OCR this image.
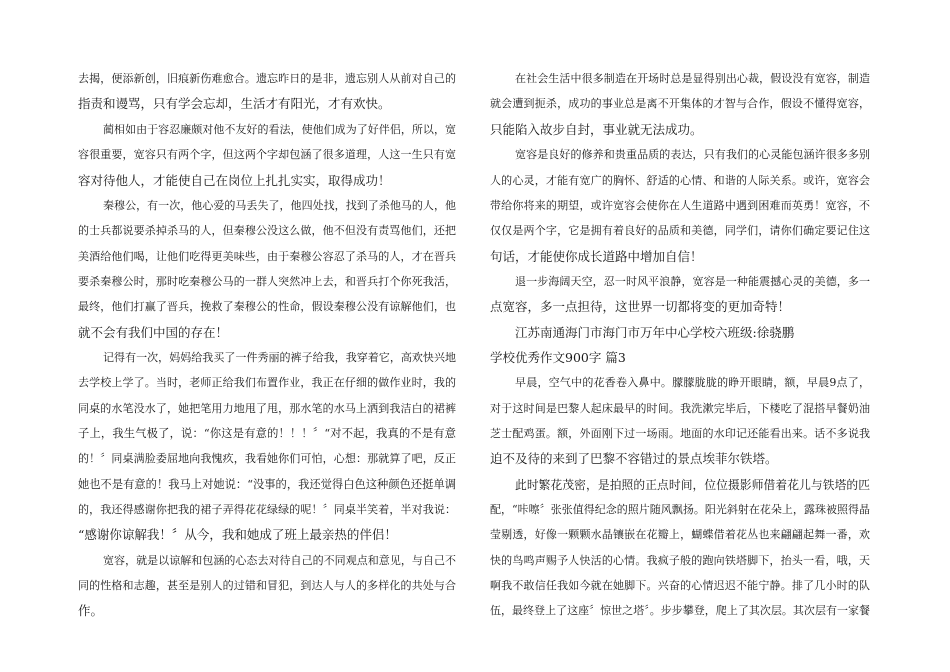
去揭，便添新创，旧痕新伤难愈合。遗忘昨日的是非，遗忘别人从前对自己的
指责和谩骂，只有学会忘却，生活才有阳光，才有欢快。
蔺相如由于容忍廉颇对他不友好的看法，使他们成为了好伴侣，所以，宽
容很重要，宽容只有两个字，但这两个字却包涵了很多道理，人这一生只有宽
容对待他人，才能使自己在岗位上扎扎实实，取得成功！
秦穆公，有一次，他心爱的马丢失了，他四处找，找到了杀他马的人，他
的士兵都说要杀掉杀马的人，但秦穆公没这么做，他不但没有责骂他们，还把
美酒给他们喝，让他们吃得更美味些，由于秦穆公容忍了杀马的人，才在晋兵
要杀秦穆公时，那时吃秦穆公马的一群人突然冲上去，和晋兵打个你死我活，
最终，他们打赢了晋兵，挽救了秦穆公的性命，假设秦穆公没有谅解他们，也
就不会有我们中国的存在！
记得有一次，妈妈给我买了一件秀丽的裤子给我，我穿着它，高欢快兴地
去学校上学了。当时，老师正给我们布置作业，我正在仔细的做作业时，我的
同桌的水笔没水了，她把笔用力地甩了甩，那水笔的水马上洒到我洁白的裙裤
子上，我生气极了，说：“你这是有意的！！！〞“对不起，我真的不是有意
的！〞同桌满脸委屈地向我愧疚，我看她你们可怕，心想：那就算了吧，反正
她也不是有意的！我马上对她说：“没事的，我还觉得白色这种颜色还挺单调
的，我还得感谢你把我的裙子弄得花花绿绿的呢！〞同桌半笑着，半对我说：
“感谢你谅解我！〞从今，我和她成了班上最亲热的伴侣！
宽容，就是以谅解和包涵的心态去对待自己的不同观点和意见，与自己不
同的性格和志趣，甚至是别人的过错和冒犯，到达人与人的多样化的共处与合
作。
在社会生活中很多制造在开场时总是显得别出心裁，假设没有宽容，制造
就会遭到扼杀，成功的事业总是离不开集体的才智与合作，假设不懂得宽容，
只能陷入故步自封，事业就无法成功。
宽容是良好的修养和贵重品质的表达，只有我们的心灵能包涵许很多多别
人的心灵，才能有宽广的胸怀、舒适的心情、和谐的人际关系。或许，宽容会
带给你将来的期望，或许宽容会使你在人生道路中遇到困难而英勇！宽容，不
仅仅是两个字，它是拥有着良好的品质和美德，同学们，请你们确定要记住这
句话，才能使你成长道路中增加自信！
退一步海阔天空，忍一时风平浪静，宽容是一种能震撼心灵的美德，多一
点宽容，多一点担待，这世界一切都将变的更加奇特！
江苏南通海门市海门市万年中心学校六班级:徐骁鹏
学校优秀作文900字 篇3
早晨，空气中的花香卷入鼻中。朦朦胧胧的睁开眼睛，额，早晨9点了，
对于这时间是巴黎人起床最早的时间。我洗漱完毕后，下楼吃了混搭早餐奶油
芝士配鸡蛋。额，外面刚下过一场雨。地面的水印记还能看出来。话不多说我
迫不及待的来到了巴黎不容错过的景点埃菲尔铁塔。
此时繁花茂密，是拍照的正点时间，位位摄影师借着花儿与铁塔的匹
配，“咔嚓〞张张值得纪念的照片随风飘扬。阳光斜射在花朵上，露珠被照得晶
莹剔透，好像一颗颗水晶镶嵌在花瓣上，蝴蝶借着花丛也来翩翩起舞一番，欢
快的鸟鸣声赐予人快活的心情。我疯子般的跑向铁塔脚下，抬头一看，哦，天
啊我不敢信任我如今就在她脚下。兴奋的心情迟迟不能宁静。排了几小时的队
伍，最终登上了这座〞惊世之塔〞。步步攀登，爬上了其次层。其次层有一家餐
